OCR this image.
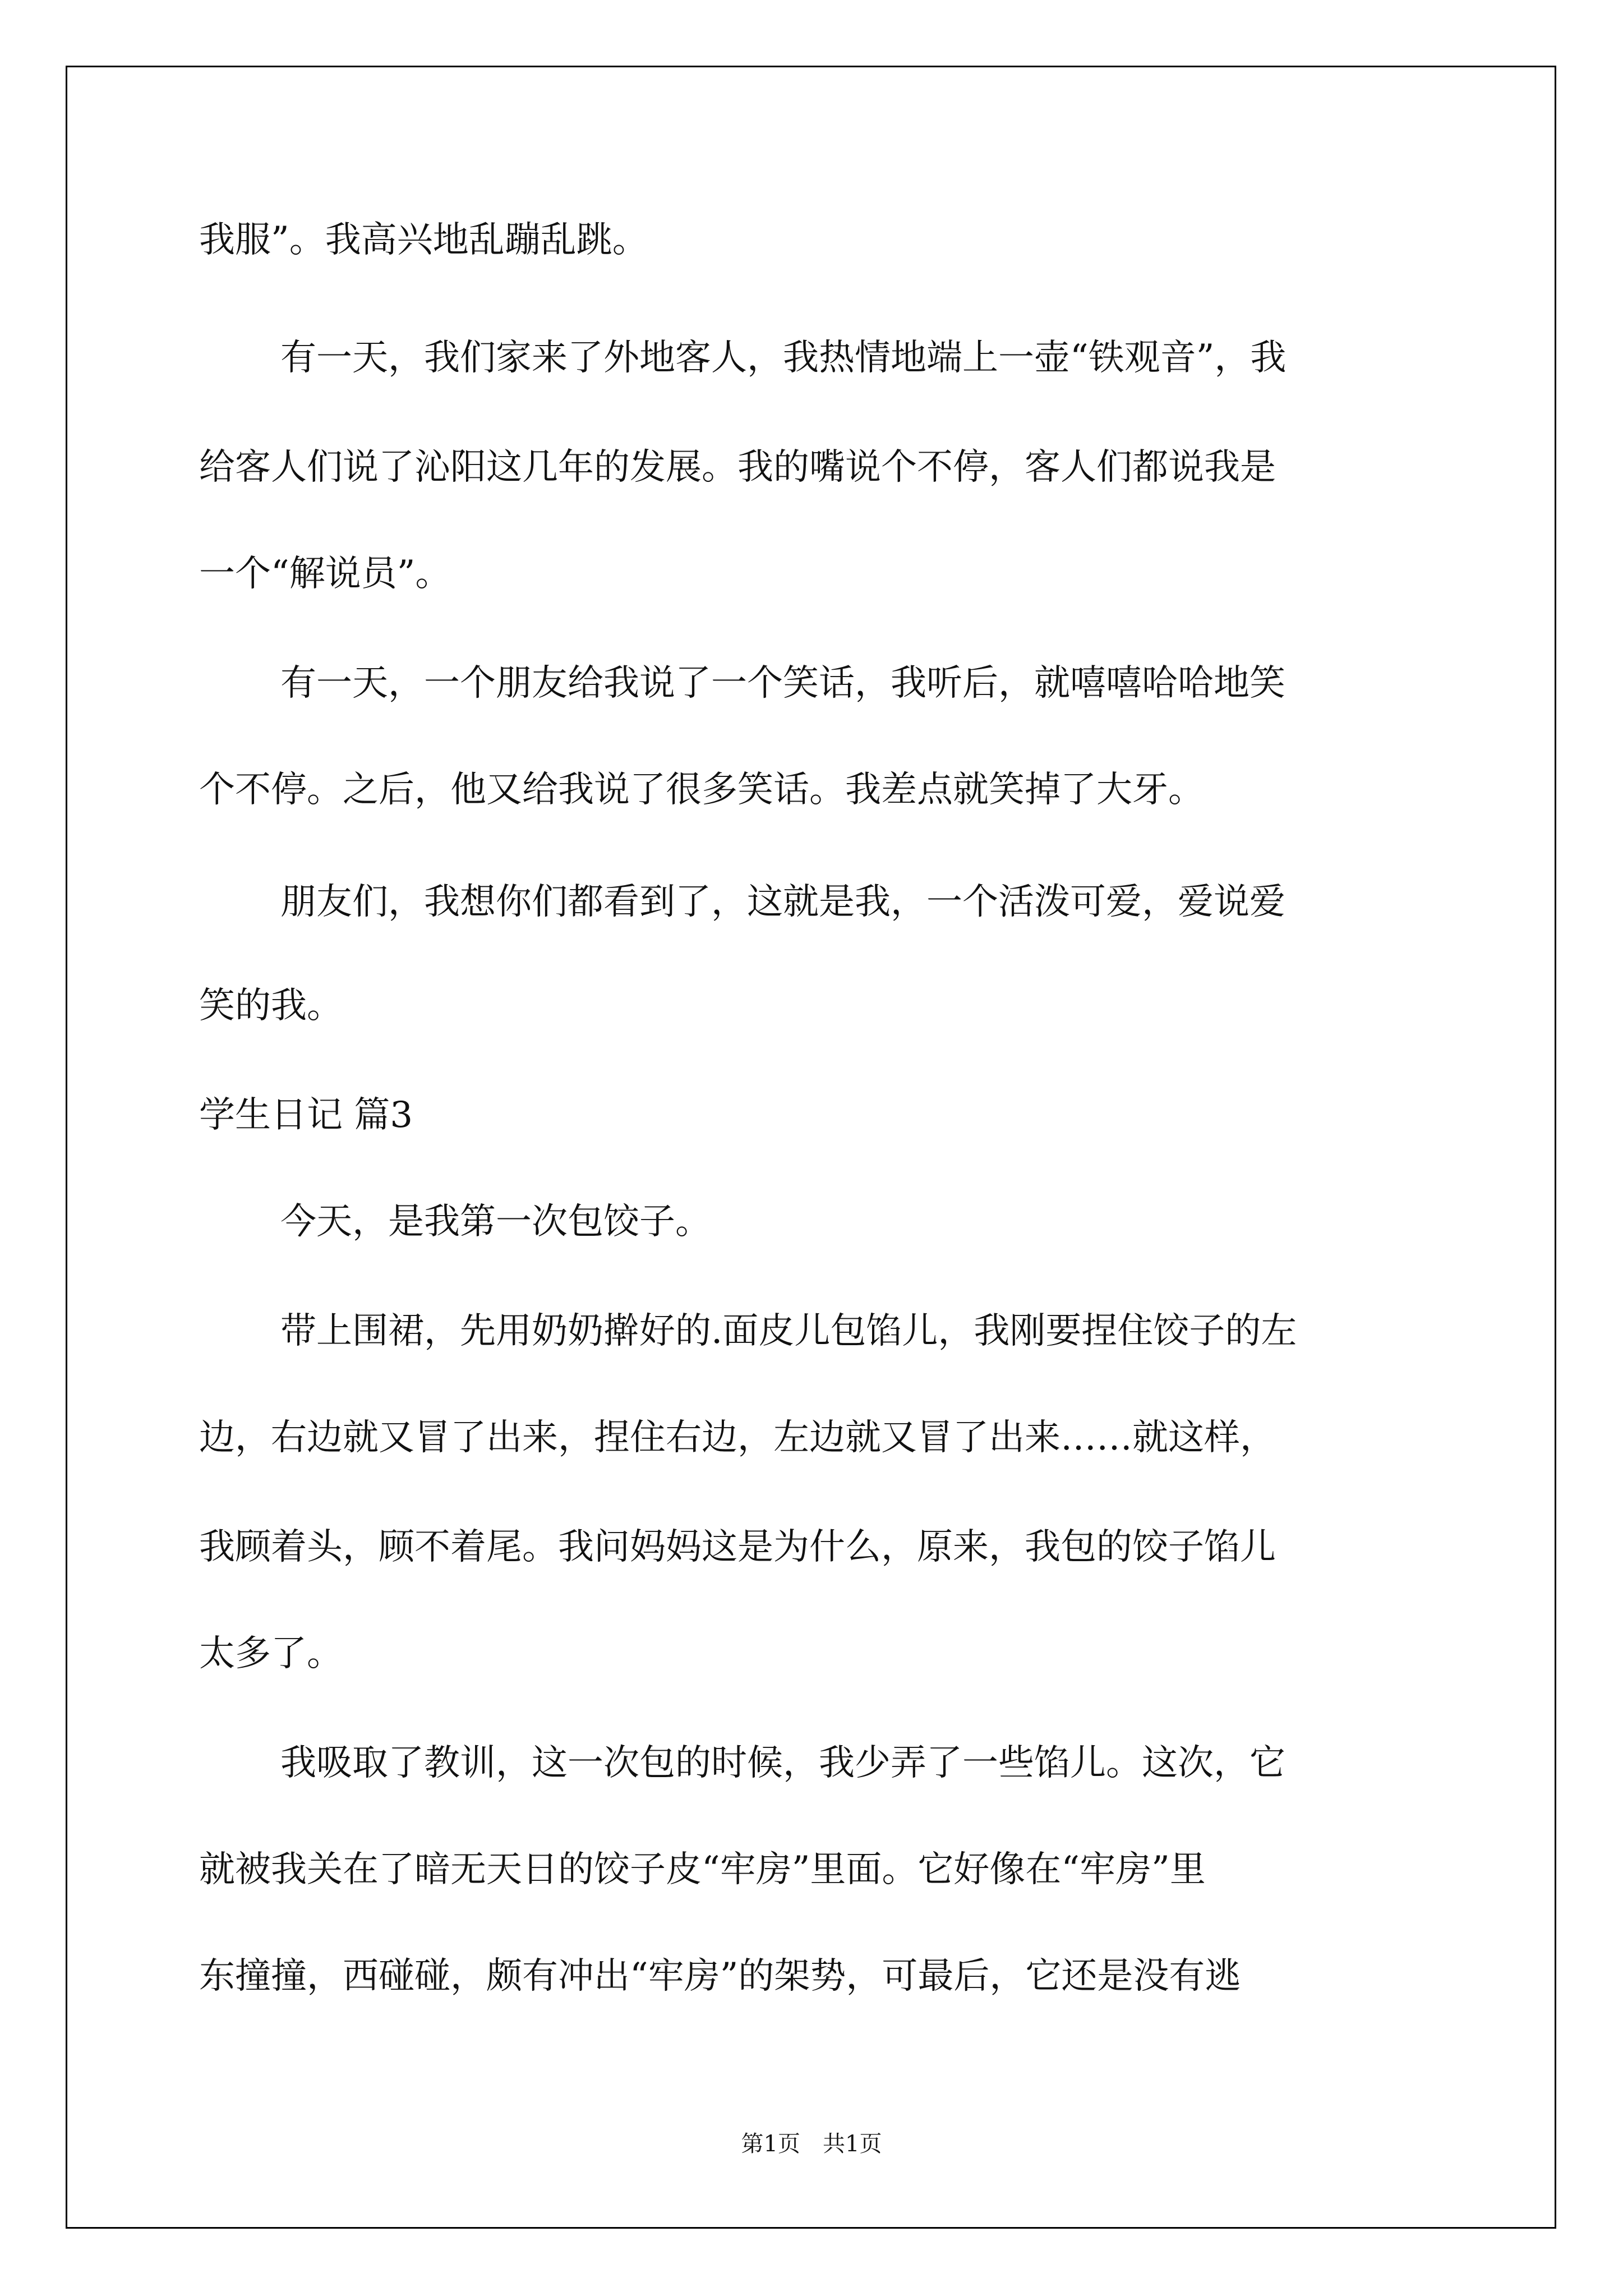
我服”。我高兴地乱蹦乱跳。
有一天，我们家来了外地客人，我热情地端上一壶“铁观音”，我
给客人们说了沁阳这几年的发展。我的嘴说个不停，客人们都说我是
一个“解说员”。
有一天，一个朋友给我说了一个笑话，我听后，就嘻嘻哈哈地笑
个不停。之后，他又给我说了很多笑话。我差点就笑掉了大牙。
朋友们，我想你们都看到了，这就是我，一个活泼可爱，爱说爱
笑的我。
学生日记 篇3
今天，是我第一次包饺子。
带上围裙，先用奶奶擀好的.面皮儿包馅儿，我刚要捏住饺子的左
边，右边就又冒了出来，捏住右边，左边就又冒了出来……就这样，
我顾着头，顾不着尾。我问妈妈这是为什么，原来，我包的饺子馅儿
太多了。
我吸取了教训，这一次包的时候，我少弄了一些馅儿。这次，它
就被我关在了暗无天日的饺子皮“牢房”里面。它好像在“牢房”里
东撞撞，西碰碰，颇有冲出“牢房”的架势，可最后，它还是没有逃
第1页　共1页
